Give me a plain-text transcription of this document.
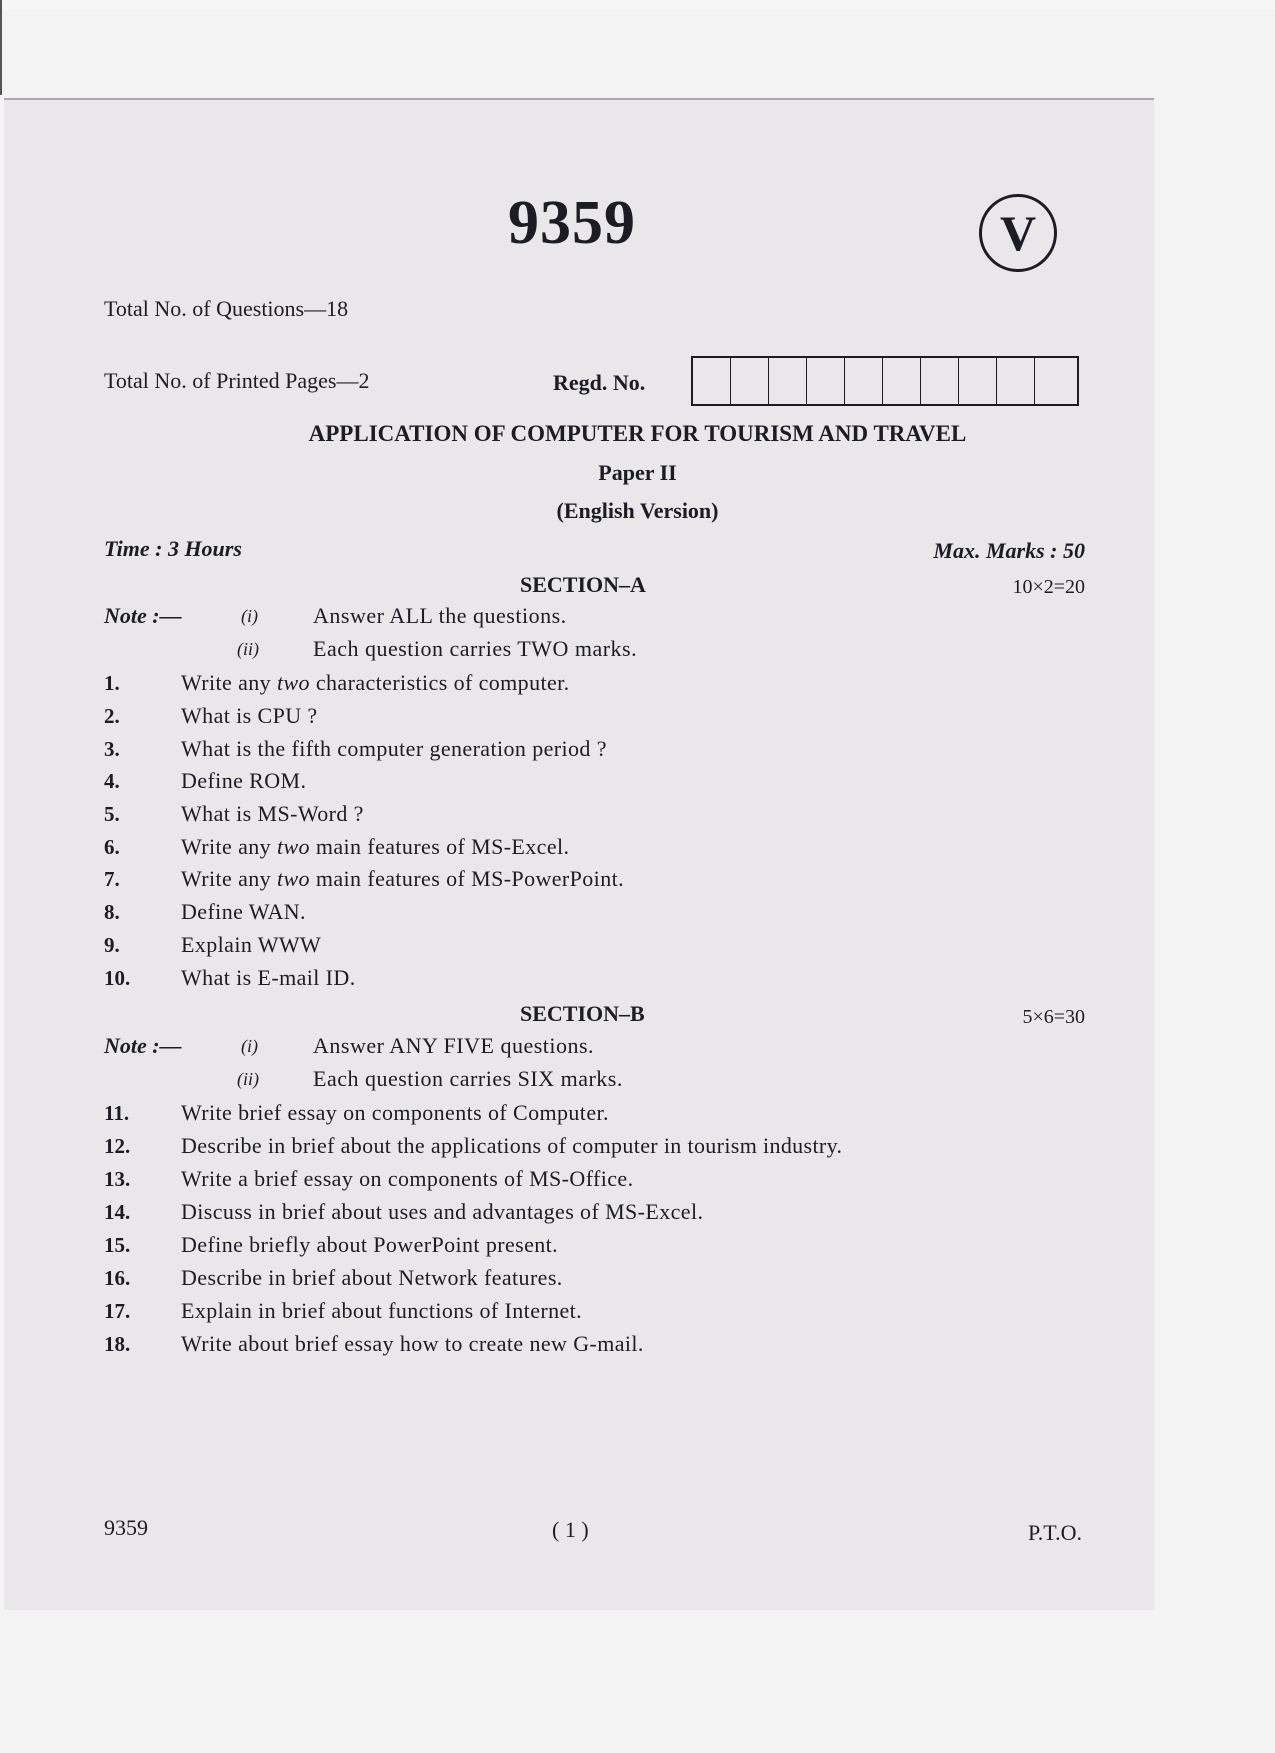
9359	V
Total No. of Questions—18
Total No. of Printed Pages—2	Regd. No.
APPLICATION OF COMPUTER FOR TOURISM AND TRAVEL
Paper II
(English Version)
Time : 3 Hours	Max. Marks : 50
SECTION–A	10×2=20
Note :—	(i)	Answer ALL the questions.
(ii) Each question carries TWO marks.
1.	Write any two characteristics of computer.
2.	What is CPU ?
3.	What is the fifth computer generation period ?
4.	Define ROM.
5.	What is MS-Word ?
6.	Write any two main features of MS-Excel.
7.	Write any two main features of MS-PowerPoint.
8.	Define WAN.
9.	Explain WWW
10. What is E-mail ID.
SECTION–B	5×6=30
Note :—	(i)	Answer ANY FIVE questions.
(ii) Each question carries SIX marks.
11. Write brief essay on components of Computer.
12. Describe in brief about the applications of computer in tourism industry.
13. Write a brief essay on components of MS-Office.
14. Discuss in brief about uses and advantages of MS-Excel.
15. Define briefly about PowerPoint present.
16. Describe in brief about Network features.
17. Explain in brief about functions of Internet.
18. Write about brief essay how to create new G-mail.
9359	( 1 )	P.T.O.
